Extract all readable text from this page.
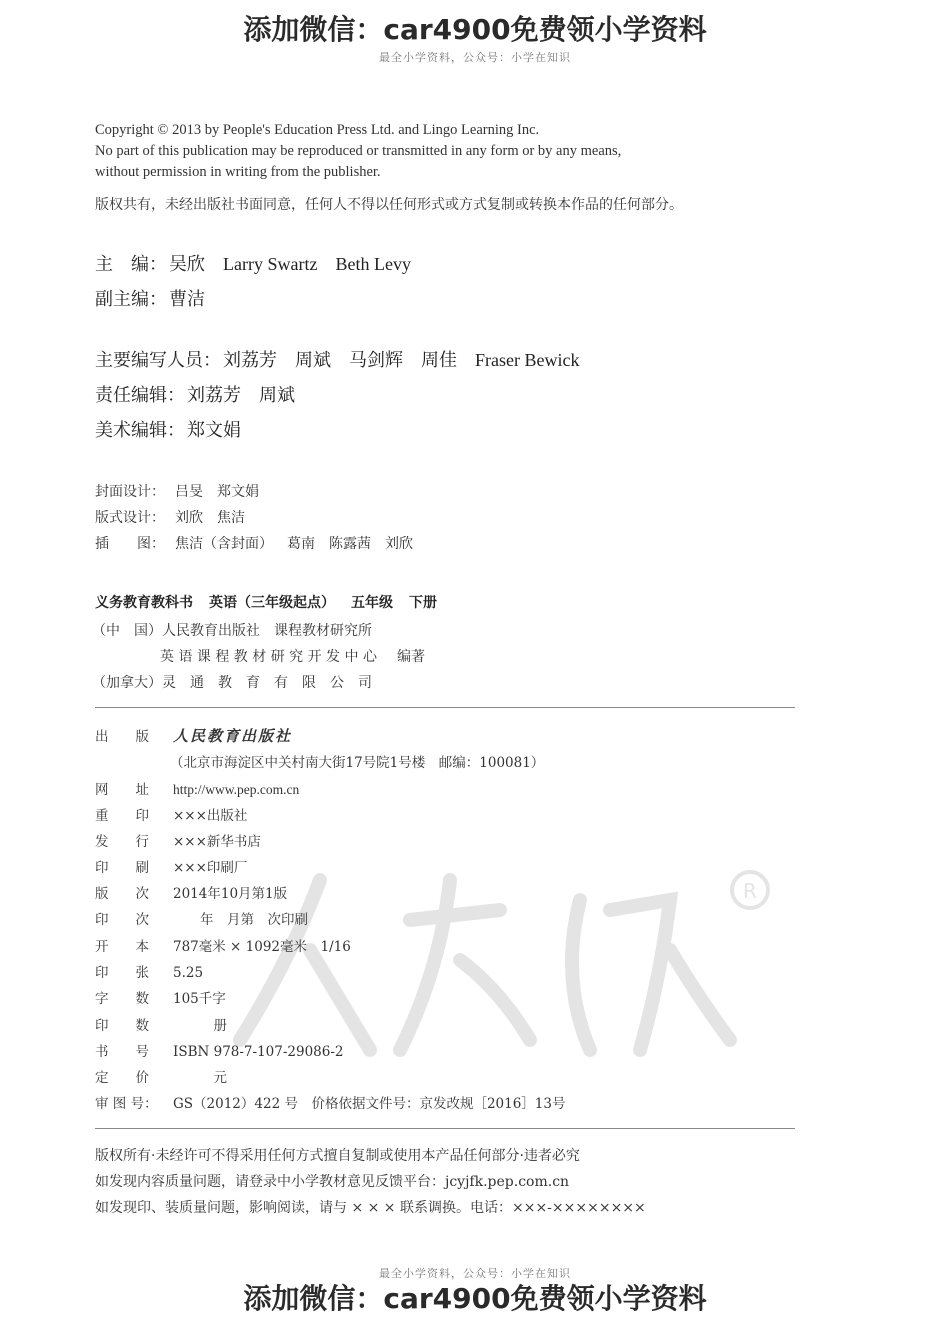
添加微信：car4900免费领小学资料
最全小学资料，公众号：小学在知识
R
Copyright © 2013 by People's Education Press Ltd. and Lingo Learning Inc.
No part of this publication may be reproduced or transmitted in any form or by any means,
without permission in writing from the publisher.
版权共有，未经出版社书面同意，任何人不得以任何形式或方式复制或转换本作品的任何部分。
主　编： 吴欣 Larry Swartz Beth Levy
副主编： 曹洁
主要编写人员： 刘荔芳 周斌 马剑辉 周佳 Fraser Bewick
责任编辑： 刘荔芳 周斌
美术编辑： 郑文娟
封面设计： 吕旻 郑文娟
版式设计： 刘欣 焦洁
插　　图： 焦洁（含封面） 葛南 陈露茜 刘欣
义务教育教科书 英语（三年级起点） 五年级 下册
（中　国）人民教育出版社　课程教材研究所
英 语 课 程 教 材 研 究 开 发 中 心 编著
（加拿大）灵　通　教　育　有　限　公　司
出　　版 人民教育出版社
（北京市海淀区中关村南大街17号院1号楼　邮编：100081）
网　　址 http://www.pep.com.cn
重　　印 ×××出版社
发　　行 ×××新华书店
印　　刷 ×××印刷厂
版　　次 2014年10月第1版
印　　次　　年　月第　次印刷
开　　本 787毫米 × 1092毫米　1/16
印　　张 5.25
字　　数 105千字
印　　数　　　册
书　　号 ISBN 978-7-107-29086-2
定　　价　　　元
审 图 号： GS（2012）422 号　价格依据文件号：京发改规［2016］13号
版权所有·未经许可不得采用任何方式擅自复制或使用本产品任何部分·违者必究
如发现内容质量问题，请登录中小学教材意见反馈平台：jcyjfk.pep.com.cn
如发现印、装质量问题，影响阅读，请与 × × × 联系调换。电话：×××-××××××××
最全小学资料，公众号：小学在知识
添加微信：car4900免费领小学资料
